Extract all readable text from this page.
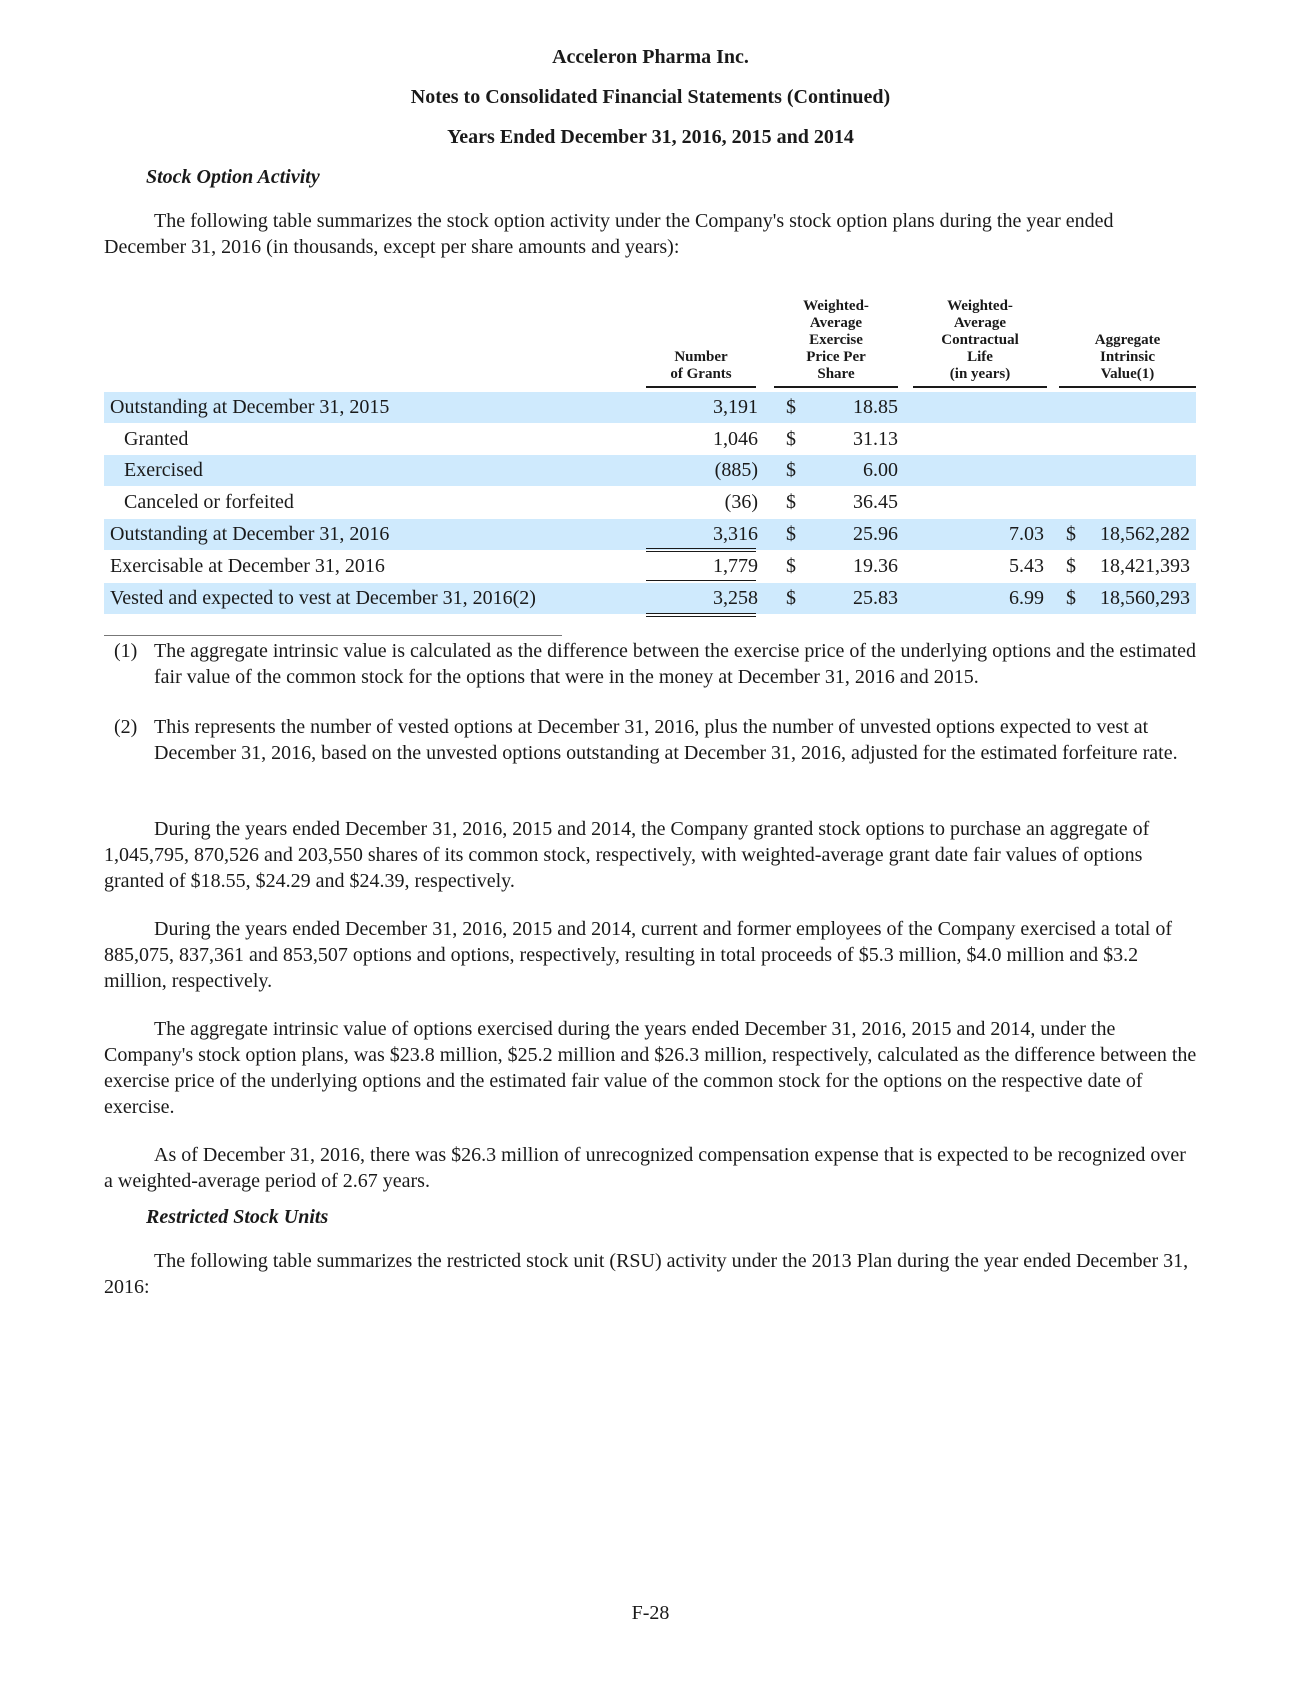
Acceleron Pharma Inc.
Notes to Consolidated Financial Statements (Continued)
Years Ended December 31, 2016, 2015 and 2014
Stock Option Activity
The following table summarizes the stock option activity under the Company's stock option plans during the year ended December 31, 2016 (in thousands, except per share amounts and years):
Number
of Grants
Weighted-
Average
Exercise
Price Per
Share
Weighted-
Average
Contractual
Life
(in years)
Aggregate
Intrinsic
Value(1)
Outstanding at December 31, 2015	3,191 $	18.85
Granted	1,046 $	31.13
Exercised	(885) $	6.00
Canceled or forfeited	(36) $	36.45
Outstanding at December 31, 2016	3,316 $	25.96	7.03 $ 18,562,282
Exercisable at December 31, 2016	1,779 $	19.36	5.43 $ 18,421,393
Vested and expected to vest at December 31, 2016(2)	3,258 $	25.83	6.99 $ 18,560,293
(1) The aggregate intrinsic value is calculated as the difference between the exercise price of the underlying options and the estimated fair value of the common stock for the options that were in the money at December 31, 2016 and 2015.
(2) This represents the number of vested options at December 31, 2016, plus the number of unvested options expected to vest at December 31, 2016, based on the unvested options outstanding at December 31, 2016, adjusted for the estimated forfeiture rate.
During the years ended December 31, 2016, 2015 and 2014, the Company granted stock options to purchase an aggregate of 1,045,795, 870,526 and 203,550 shares of its common stock, respectively, with weighted-average grant date fair values of options granted of $18.55, $24.29 and $24.39, respectively.
During the years ended December 31, 2016, 2015 and 2014, current and former employees of the Company exercised a total of 885,075, 837,361 and 853,507 options and options, respectively, resulting in total proceeds of $5.3 million, $4.0 million and $3.2 million, respectively.
The aggregate intrinsic value of options exercised during the years ended December 31, 2016, 2015 and 2014, under the Company's stock option plans, was $23.8 million, $25.2 million and $26.3 million, respectively, calculated as the difference between the exercise price of the underlying options and the estimated fair value of the common stock for the options on the respective date of exercise.
As of December 31, 2016, there was $26.3 million of unrecognized compensation expense that is expected to be recognized over a weighted-average period of 2.67 years.
Restricted Stock Units
The following table summarizes the restricted stock unit (RSU) activity under the 2013 Plan during the year ended December 31, 2016:
F-28
